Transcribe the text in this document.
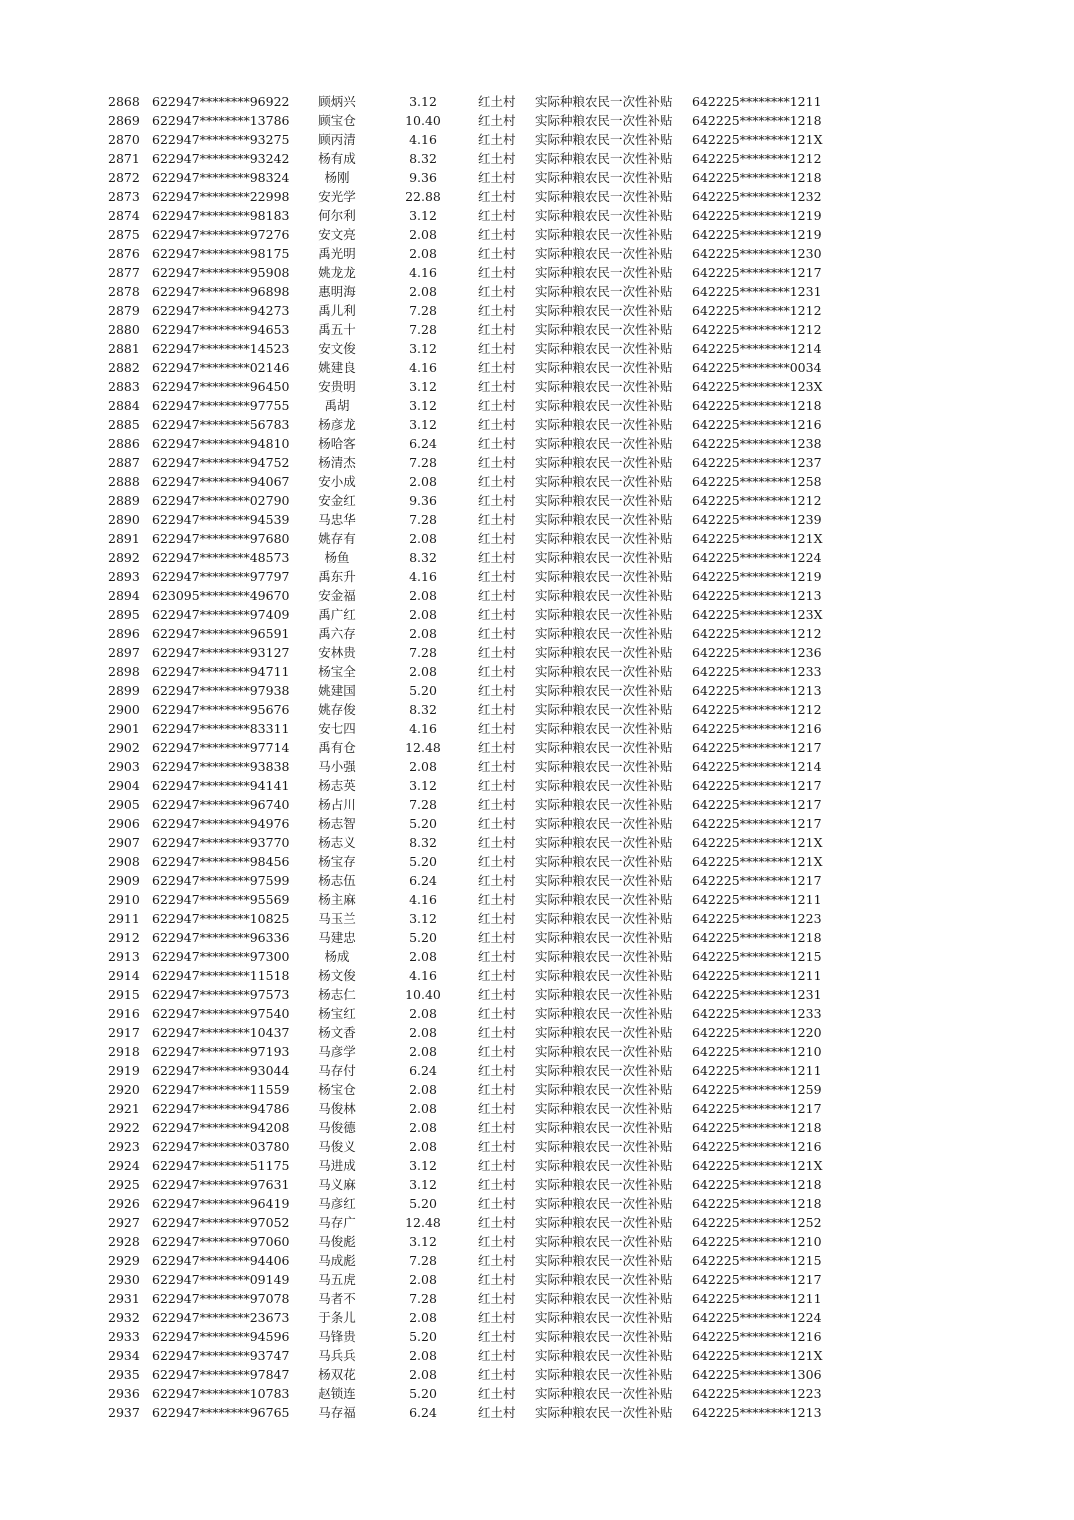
2868 622947********96922	顾炳兴	3.12	红土村 实际种粮农民一次性补贴 642225********1211
2869 622947********13786	顾宝仓	10.40	红土村 实际种粮农民一次性补贴 642225********1218
2870 622947********93275	顾丙清	4.16	红土村 实际种粮农民一次性补贴 642225********121X
2871 622947********93242	杨有成	8.32	红土村 实际种粮农民一次性补贴 642225********1212
2872 622947********98324	杨刚	9.36	红土村 实际种粮农民一次性补贴 642225********1218
2873 622947********22998	安光学	22.88	红土村 实际种粮农民一次性补贴 642225********1232
2874 622947********98183	何尔利	3.12	红土村 实际种粮农民一次性补贴 642225********1219
2875 622947********97276	安文亮	2.08	红土村 实际种粮农民一次性补贴 642225********1219
2876 622947********98175	禹光明	2.08	红土村 实际种粮农民一次性补贴 642225********1230
2877 622947********95908	姚龙龙	4.16	红土村 实际种粮农民一次性补贴 642225********1217
2878 622947********96898	惠明海	2.08	红土村 实际种粮农民一次性补贴 642225********1231
2879 622947********94273	禹儿利	7.28	红土村 实际种粮农民一次性补贴 642225********1212
2880 622947********94653	禹五十	7.28	红土村 实际种粮农民一次性补贴 642225********1212
2881 622947********14523	安文俊	3.12	红土村 实际种粮农民一次性补贴 642225********1214
2882 622947********02146	姚建良	4.16	红土村 实际种粮农民一次性补贴 642225********0034
2883 622947********96450	安贵明	3.12	红土村 实际种粮农民一次性补贴 642225********123X
2884 622947********97755	禹胡	3.12	红土村 实际种粮农民一次性补贴 642225********1218
2885 622947********56783	杨彦龙	3.12	红土村 实际种粮农民一次性补贴 642225********1216
2886 622947********94810	杨哈客	6.24	红土村 实际种粮农民一次性补贴 642225********1238
2887 622947********94752	杨清杰	7.28	红土村 实际种粮农民一次性补贴 642225********1237
2888 622947********94067	安小成	2.08	红土村 实际种粮农民一次性补贴 642225********1258
2889 622947********02790	安金红	9.36	红土村 实际种粮农民一次性补贴 642225********1212
2890 622947********94539	马忠华	7.28	红土村 实际种粮农民一次性补贴 642225********1239
2891 622947********97680	姚存有	2.08	红土村 实际种粮农民一次性补贴 642225********121X
2892 622947********48573	杨鱼	8.32	红土村 实际种粮农民一次性补贴 642225********1224
2893 622947********97797	禹东升	4.16	红土村 实际种粮农民一次性补贴 642225********1219
2894 623095********49670	安金福	2.08	红土村 实际种粮农民一次性补贴 642225********1213
2895 622947********97409	禹广红	2.08	红土村 实际种粮农民一次性补贴 642225********123X
2896 622947********96591	禹六存	2.08	红土村 实际种粮农民一次性补贴 642225********1212
2897 622947********93127	安林贵	7.28	红土村 实际种粮农民一次性补贴 642225********1236
2898 622947********94711	杨宝全	2.08	红土村 实际种粮农民一次性补贴 642225********1233
2899 622947********97938	姚建国	5.20	红土村 实际种粮农民一次性补贴 642225********1213
2900 622947********95676	姚存俊	8.32	红土村 实际种粮农民一次性补贴 642225********1212
2901 622947********83311	安七四	4.16	红土村 实际种粮农民一次性补贴 642225********1216
2902 622947********97714	禹有仓	12.48	红土村 实际种粮农民一次性补贴 642225********1217
2903 622947********93838	马小强	2.08	红土村 实际种粮农民一次性补贴 642225********1214
2904 622947********94141	杨志英	3.12	红土村 实际种粮农民一次性补贴 642225********1217
2905 622947********96740	杨占川	7.28	红土村 实际种粮农民一次性补贴 642225********1217
2906 622947********94976	杨志智	5.20	红土村 实际种粮农民一次性补贴 642225********1217
2907 622947********93770	杨志义	8.32	红土村 实际种粮农民一次性补贴 642225********121X
2908 622947********98456	杨宝存	5.20	红土村 实际种粮农民一次性补贴 642225********121X
2909 622947********97599	杨志伍	6.24	红土村 实际种粮农民一次性补贴 642225********1217
2910 622947********95569	杨主麻	4.16	红土村 实际种粮农民一次性补贴 642225********1211
2911 622947********10825	马玉兰	3.12	红土村 实际种粮农民一次性补贴 642225********1223
2912 622947********96336	马建忠	5.20	红土村 实际种粮农民一次性补贴 642225********1218
2913 622947********97300	杨成	2.08	红土村 实际种粮农民一次性补贴 642225********1215
2914 622947********11518	杨文俊	4.16	红土村 实际种粮农民一次性补贴 642225********1211
2915 622947********97573	杨志仁	10.40	红土村 实际种粮农民一次性补贴 642225********1231
2916 622947********97540	杨宝红	2.08	红土村 实际种粮农民一次性补贴 642225********1233
2917 622947********10437	杨文香	2.08	红土村 实际种粮农民一次性补贴 642225********1220
2918 622947********97193	马彦学	2.08	红土村 实际种粮农民一次性补贴 642225********1210
2919 622947********93044	马存付	6.24	红土村 实际种粮农民一次性补贴 642225********1211
2920 622947********11559	杨宝仓	2.08	红土村 实际种粮农民一次性补贴 642225********1259
2921 622947********94786	马俊林	2.08	红土村 实际种粮农民一次性补贴 642225********1217
2922 622947********94208	马俊德	2.08	红土村 实际种粮农民一次性补贴 642225********1218
2923 622947********03780	马俊义	2.08	红土村 实际种粮农民一次性补贴 642225********1216
2924 622947********51175	马进成	3.12	红土村 实际种粮农民一次性补贴 642225********121X
2925 622947********97631	马义麻	3.12	红土村 实际种粮农民一次性补贴 642225********1218
2926 622947********96419	马彦红	5.20	红土村 实际种粮农民一次性补贴 642225********1218
2927 622947********97052	马存广	12.48	红土村 实际种粮农民一次性补贴 642225********1252
2928 622947********97060	马俊彪	3.12	红土村 实际种粮农民一次性补贴 642225********1210
2929 622947********94406	马成彪	7.28	红土村 实际种粮农民一次性补贴 642225********1215
2930 622947********09149	马五虎	2.08	红土村 实际种粮农民一次性补贴 642225********1217
2931 622947********97078	马者不	7.28	红土村 实际种粮农民一次性补贴 642225********1211
2932 622947********23673	于条儿	2.08	红土村 实际种粮农民一次性补贴 642225********1224
2933 622947********94596	马锋贵	5.20	红土村 实际种粮农民一次性补贴 642225********1216
2934 622947********93747	马兵兵	2.08	红土村 实际种粮农民一次性补贴 642225********121X
2935 622947********97847	杨双花	2.08	红土村 实际种粮农民一次性补贴 642225********1306
2936 622947********10783	赵锁连	5.20	红土村 实际种粮农民一次性补贴 642225********1223
2937 622947********96765	马存福	6.24	红土村 实际种粮农民一次性补贴 642225********1213
